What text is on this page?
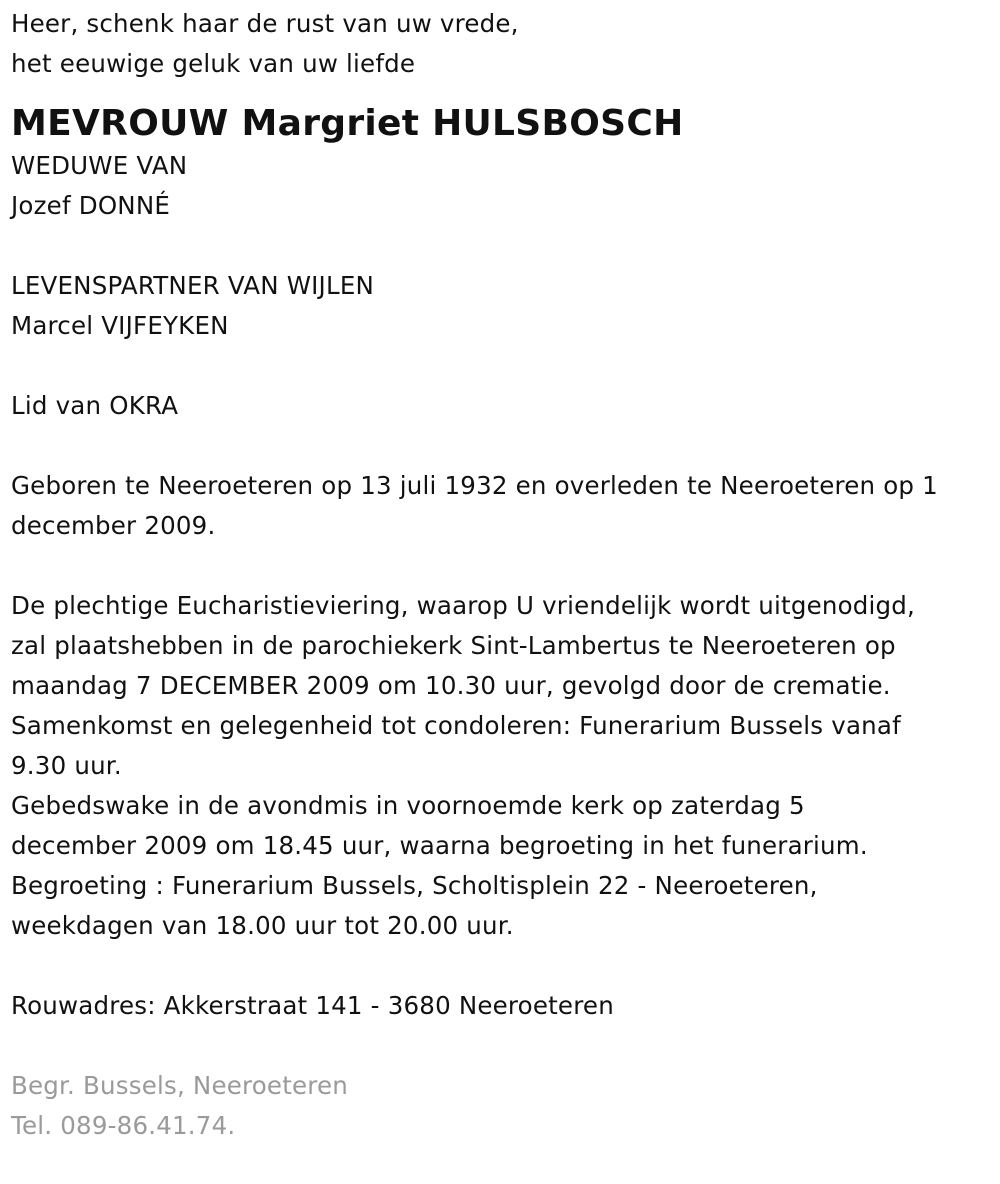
Heer, schenk haar de rust van uw vrede,
het eeuwige geluk van uw liefde
MEVROUW Margriet HULSBOSCH
WEDUWE VAN
Jozef DONNÉ
LEVENSPARTNER VAN WIJLEN
Marcel VIJFEYKEN
Lid van OKRA
Geboren te Neeroeteren op 13 juli 1932 en overleden te Neeroeteren op 1
december 2009.
De plechtige Eucharistieviering, waarop U vriendelijk wordt uitgenodigd,
zal plaatshebben in de parochiekerk Sint-Lambertus te Neeroeteren op
maandag 7 DECEMBER 2009 om 10.30 uur, gevolgd door de crematie.
Samenkomst en gelegenheid tot condoleren: Funerarium Bussels vanaf
9.30 uur.
Gebedswake in de avondmis in voornoemde kerk op zaterdag 5
december 2009 om 18.45 uur, waarna begroeting in het funerarium.
Begroeting : Funerarium Bussels, Scholtisplein 22 - Neeroeteren,
weekdagen van 18.00 uur tot 20.00 uur.
Rouwadres: Akkerstraat 141 - 3680 Neeroeteren
Begr. Bussels, Neeroeteren
Tel. 089-86.41.74.
